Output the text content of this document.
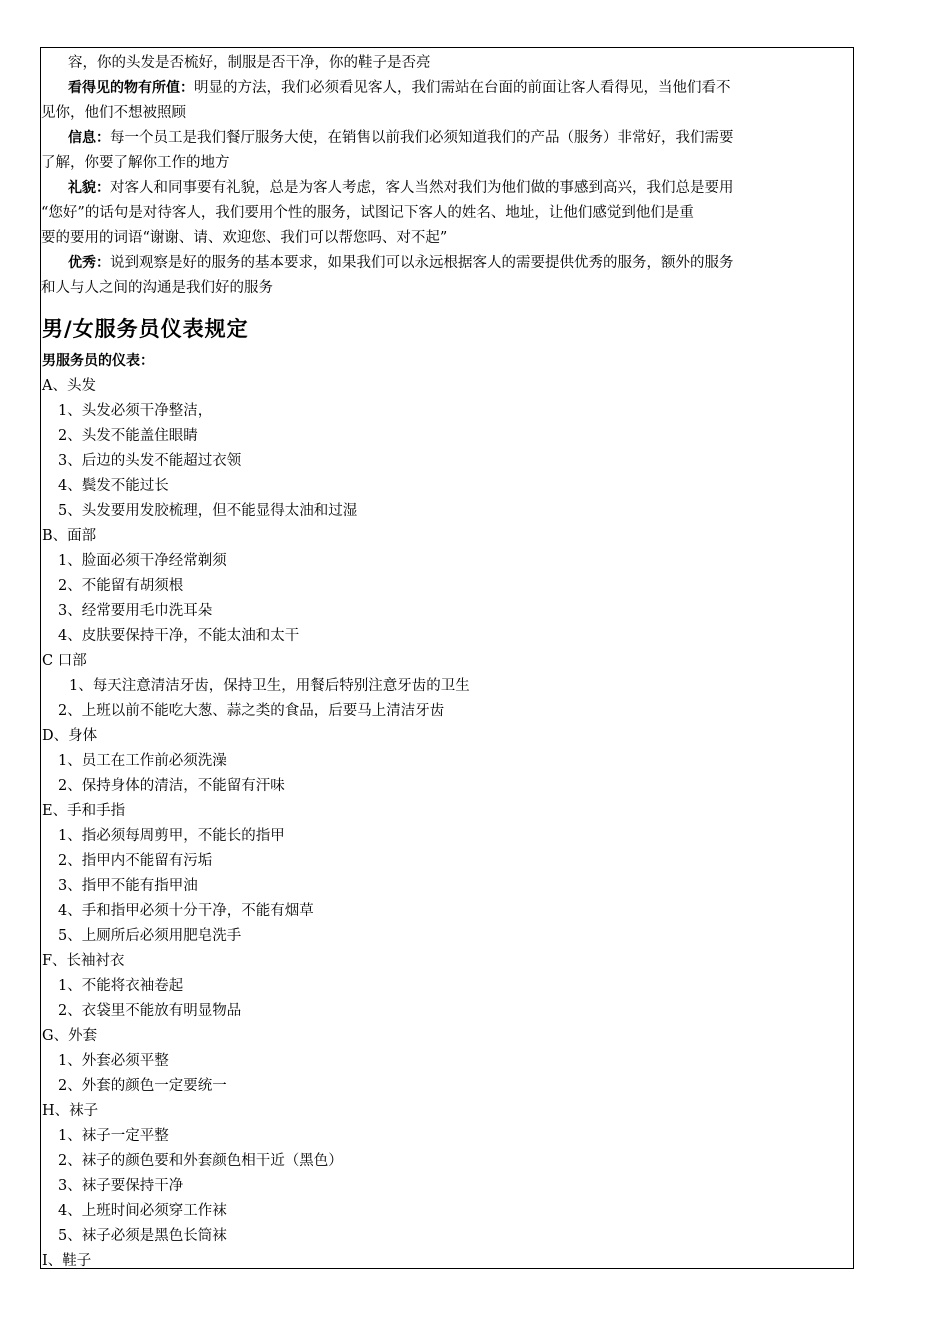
容，你的头发是否梳好，制服是否干净，你的鞋子是否亮
看得见的物有所值：明显的方法，我们必须看见客人，我们需站在台面的前面让客人看得见，当他们看不
见你，他们不想被照顾
信息：每一个员工是我们餐厅服务大使，在销售以前我们必须知道我们的产品（服务）非常好，我们需要
了解，你要了解你工作的地方
礼貌：对客人和同事要有礼貌，总是为客人考虑，客人当然对我们为他们做的事感到高兴，我们总是要用
“您好”的话句是对待客人，我们要用个性的服务，试图记下客人的姓名、地址，让他们感觉到他们是重
要的要用的词语“谢谢、请、欢迎您、我们可以帮您吗、对不起”
优秀：说到观察是好的服务的基本要求，如果我们可以永远根据客人的需要提供优秀的服务，额外的服务
和人与人之间的沟通是我们好的服务
男/女服务员仪表规定
男服务员的仪表：
A、头发
1、头发必须干净整洁，
2、头发不能盖住眼睛
3、后边的头发不能超过衣领
4、鬓发不能过长
5、头发要用发胶梳理，但不能显得太油和过湿
B、面部
1、脸面必须干净经常剃须
2、不能留有胡须根
3、经常要用毛巾洗耳朵
4、皮肤要保持干净，不能太油和太干
C 口部
1、每天注意清洁牙齿，保持卫生，用餐后特别注意牙齿的卫生
2、上班以前不能吃大葱、蒜之类的食品，后要马上清洁牙齿
D、身体
1、员工在工作前必须洗澡
2、保持身体的清洁，不能留有汗味
E、手和手指
1、指必须每周剪甲，不能长的指甲
2、指甲内不能留有污垢
3、指甲不能有指甲油
4、手和指甲必须十分干净，不能有烟草
5、上厕所后必须用肥皂洗手
F、长袖衬衣
1、不能将衣袖卷起
2、衣袋里不能放有明显物品
G、外套
1、外套必须平整
2、外套的颜色一定要统一
H、袜子
1、袜子一定平整
2、袜子的颜色要和外套颜色相干近（黑色）
3、袜子要保持干净
4、上班时间必须穿工作袜
5、袜子必须是黑色长筒袜
I、鞋子
